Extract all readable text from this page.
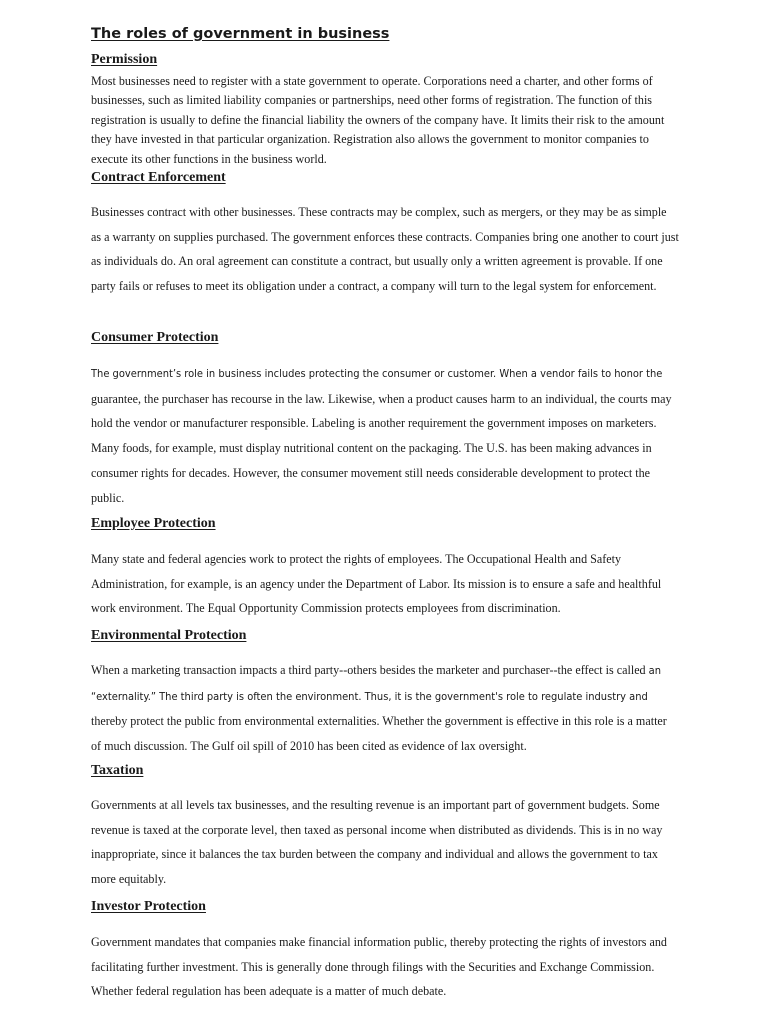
The roles of government in business
Permission

Most businesses need to register with a state government to operate. Corporations need a charter, and other forms of businesses, such as limited liability companies or partnerships, need other forms of registration. The function of this registration is usually to define the financial liability the owners of the company have. It limits their risk to the amount they have invested in that particular organization. Registration also allows the government to monitor companies to execute its other functions in the business world.

Contract Enforcement

Businesses contract with other businesses. These contracts may be complex, such as mergers, or they may be as simple as a warranty on supplies purchased. The government enforces these contracts. Companies bring one another to court just as individuals do. An oral agreement can constitute a contract, but usually only a written agreement is provable. If one party fails or refuses to meet its obligation under a contract, a company will turn to the legal system for enforcement.

Consumer Protection

The government’s role in business includes protecting the consumer or customer. When a vendor fails to honor the guarantee, the purchaser has recourse in the law. Likewise, when a product causes harm to an individual, the courts may hold the vendor or manufacturer responsible. Labeling is another requirement the government imposes on marketers. Many foods, for example, must display nutritional content on the packaging. The U.S. has been making advances in consumer rights for decades. However, the consumer movement still needs considerable development to protect the public.

Employee Protection

Many state and federal agencies work to protect the rights of employees. The Occupational Health and Safety Administration, for example, is an agency under the Department of Labor. Its mission is to ensure a safe and healthful work environment. The Equal Opportunity Commission protects employees from discrimination.

Environmental Protection

When a marketing transaction impacts a third party--others besides the marketer and purchaser--the effect is called an “externality.” The third party is often the environment. Thus, it is the government's role to regulate industry and thereby protect the public from environmental externalities. Whether the government is effective in this role is a matter of much discussion. The Gulf oil spill of 2010 has been cited as evidence of lax oversight.

Taxation

Governments at all levels tax businesses, and the resulting revenue is an important part of government budgets. Some revenue is taxed at the corporate level, then taxed as personal income when distributed as dividends. This is in no way inappropriate, since it balances the tax burden between the company and individual and allows the government to tax more equitably.

Investor Protection

Government mandates that companies make financial information public, thereby protecting the rights of investors and facilitating further investment. This is generally done through filings with the Securities and Exchange Commission. Whether federal regulation has been adequate is a matter of much debate.
